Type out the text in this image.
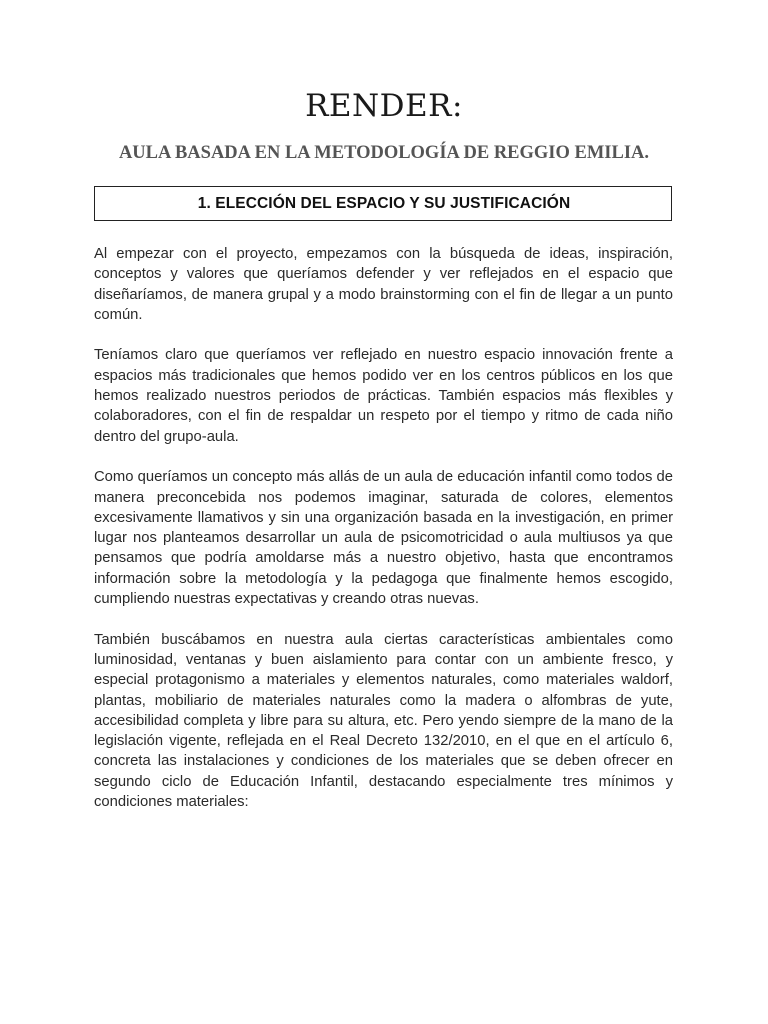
RENDER:
AULA BASADA EN LA METODOLOGÍA DE REGGIO EMILIA.
1. ELECCIÓN DEL ESPACIO Y SU JUSTIFICACIÓN

Al empezar con el proyecto, empezamos con la búsqueda de ideas, inspiración, conceptos y valores que queríamos defender y ver reflejados en el espacio que diseñaríamos, de manera grupal y a modo brainstorming con el fin de llegar a un punto común.

Teníamos claro que queríamos ver reflejado en nuestro espacio innovación frente a espacios más tradicionales que hemos podido ver en los centros públicos en los que hemos realizado nuestros periodos de prácticas. También espacios más flexibles y colaboradores, con el fin de respaldar un respeto por el tiempo y ritmo de cada niño dentro del grupo-aula.

Como queríamos un concepto más allás de un aula de educación infantil como todos de manera preconcebida nos podemos imaginar, saturada de colores, elementos excesivamente llamativos y sin una organización basada en la investigación, en primer lugar nos planteamos desarrollar un aula de psicomotricidad o aula multiusos ya que pensamos que podría amoldarse más a nuestro objetivo, hasta que encontramos información sobre la metodología y la pedagoga que finalmente hemos escogido, cumpliendo nuestras expectativas y creando otras nuevas.

También buscábamos en nuestra aula ciertas características ambientales como luminosidad, ventanas y buen aislamiento para contar con un ambiente fresco, y especial protagonismo a materiales y elementos naturales, como materiales waldorf, plantas, mobiliario de materiales naturales como la madera o alfombras de yute, accesibilidad completa y libre para su altura, etc. Pero yendo siempre de la mano de la legislación vigente, reflejada en el Real Decreto 132/2010, en el que en el artículo 6, concreta las instalaciones y condiciones de los materiales que se deben ofrecer en segundo ciclo de Educación Infantil, destacando especialmente tres mínimos y condiciones materiales:
